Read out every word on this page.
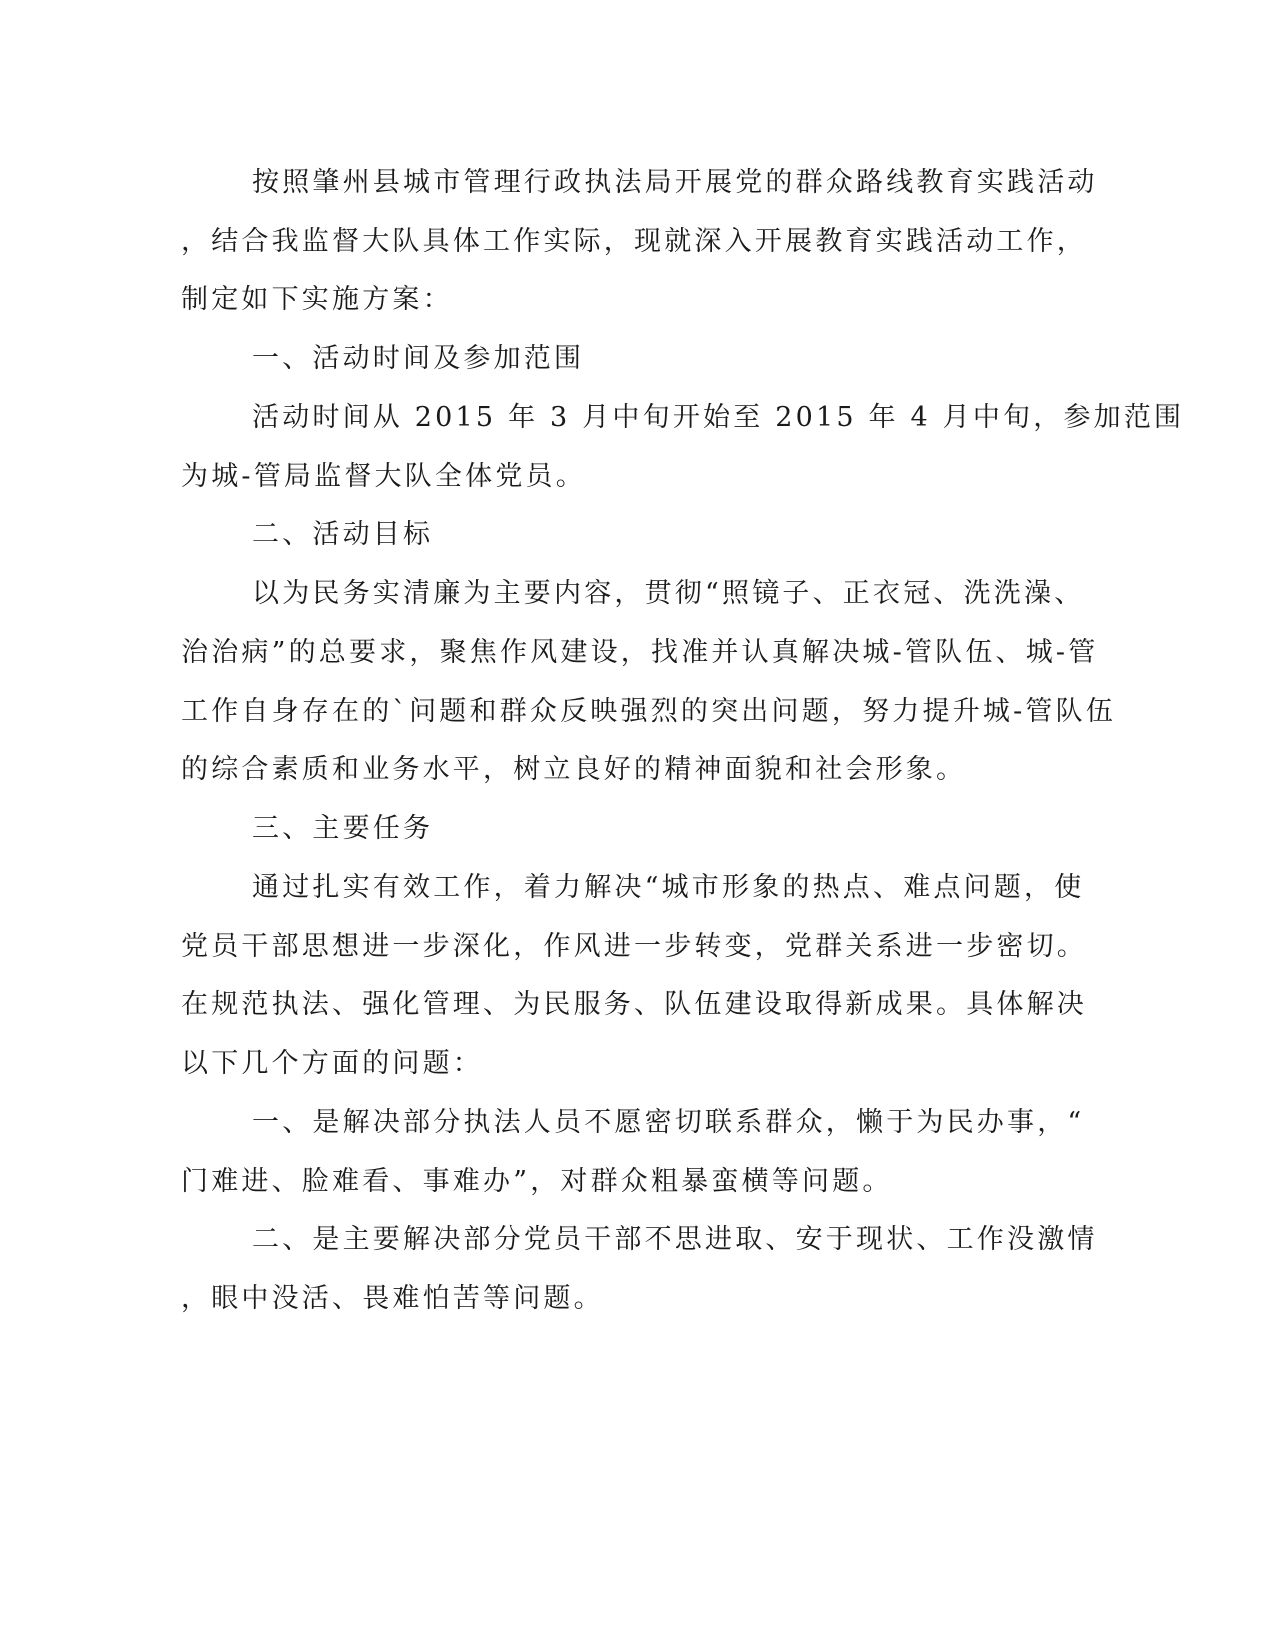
按照肇州县城市管理行政执法局开展党的群众路线教育实践活动

，结合我监督大队具体工作实际，现就深入开展教育实践活动工作，

制定如下实施方案：

一、活动时间及参加范围

活动时间从 2015 年 3 月中旬开始至 2015 年 4 月中旬，参加范围

为城-管局监督大队全体党员。

二、活动目标

以为民务实清廉为主要内容，贯彻“照镜子、正衣冠、洗洗澡、

治治病”的总要求，聚焦作风建设，找准并认真解决城-管队伍、城-管

工作自身存在的`问题和群众反映强烈的突出问题，努力提升城-管队伍

的综合素质和业务水平，树立良好的精神面貌和社会形象。

三、主要任务

通过扎实有效工作，着力解决“城市形象的热点、难点问题，使

党员干部思想进一步深化，作风进一步转变，党群关系进一步密切。

在规范执法、强化管理、为民服务、队伍建设取得新成果。具体解决

以下几个方面的问题：

一、是解决部分执法人员不愿密切联系群众，懒于为民办事，“

门难进、脸难看、事难办”，对群众粗暴蛮横等问题。

二、是主要解决部分党员干部不思进取、安于现状、工作没激情

，眼中没活、畏难怕苦等问题。
